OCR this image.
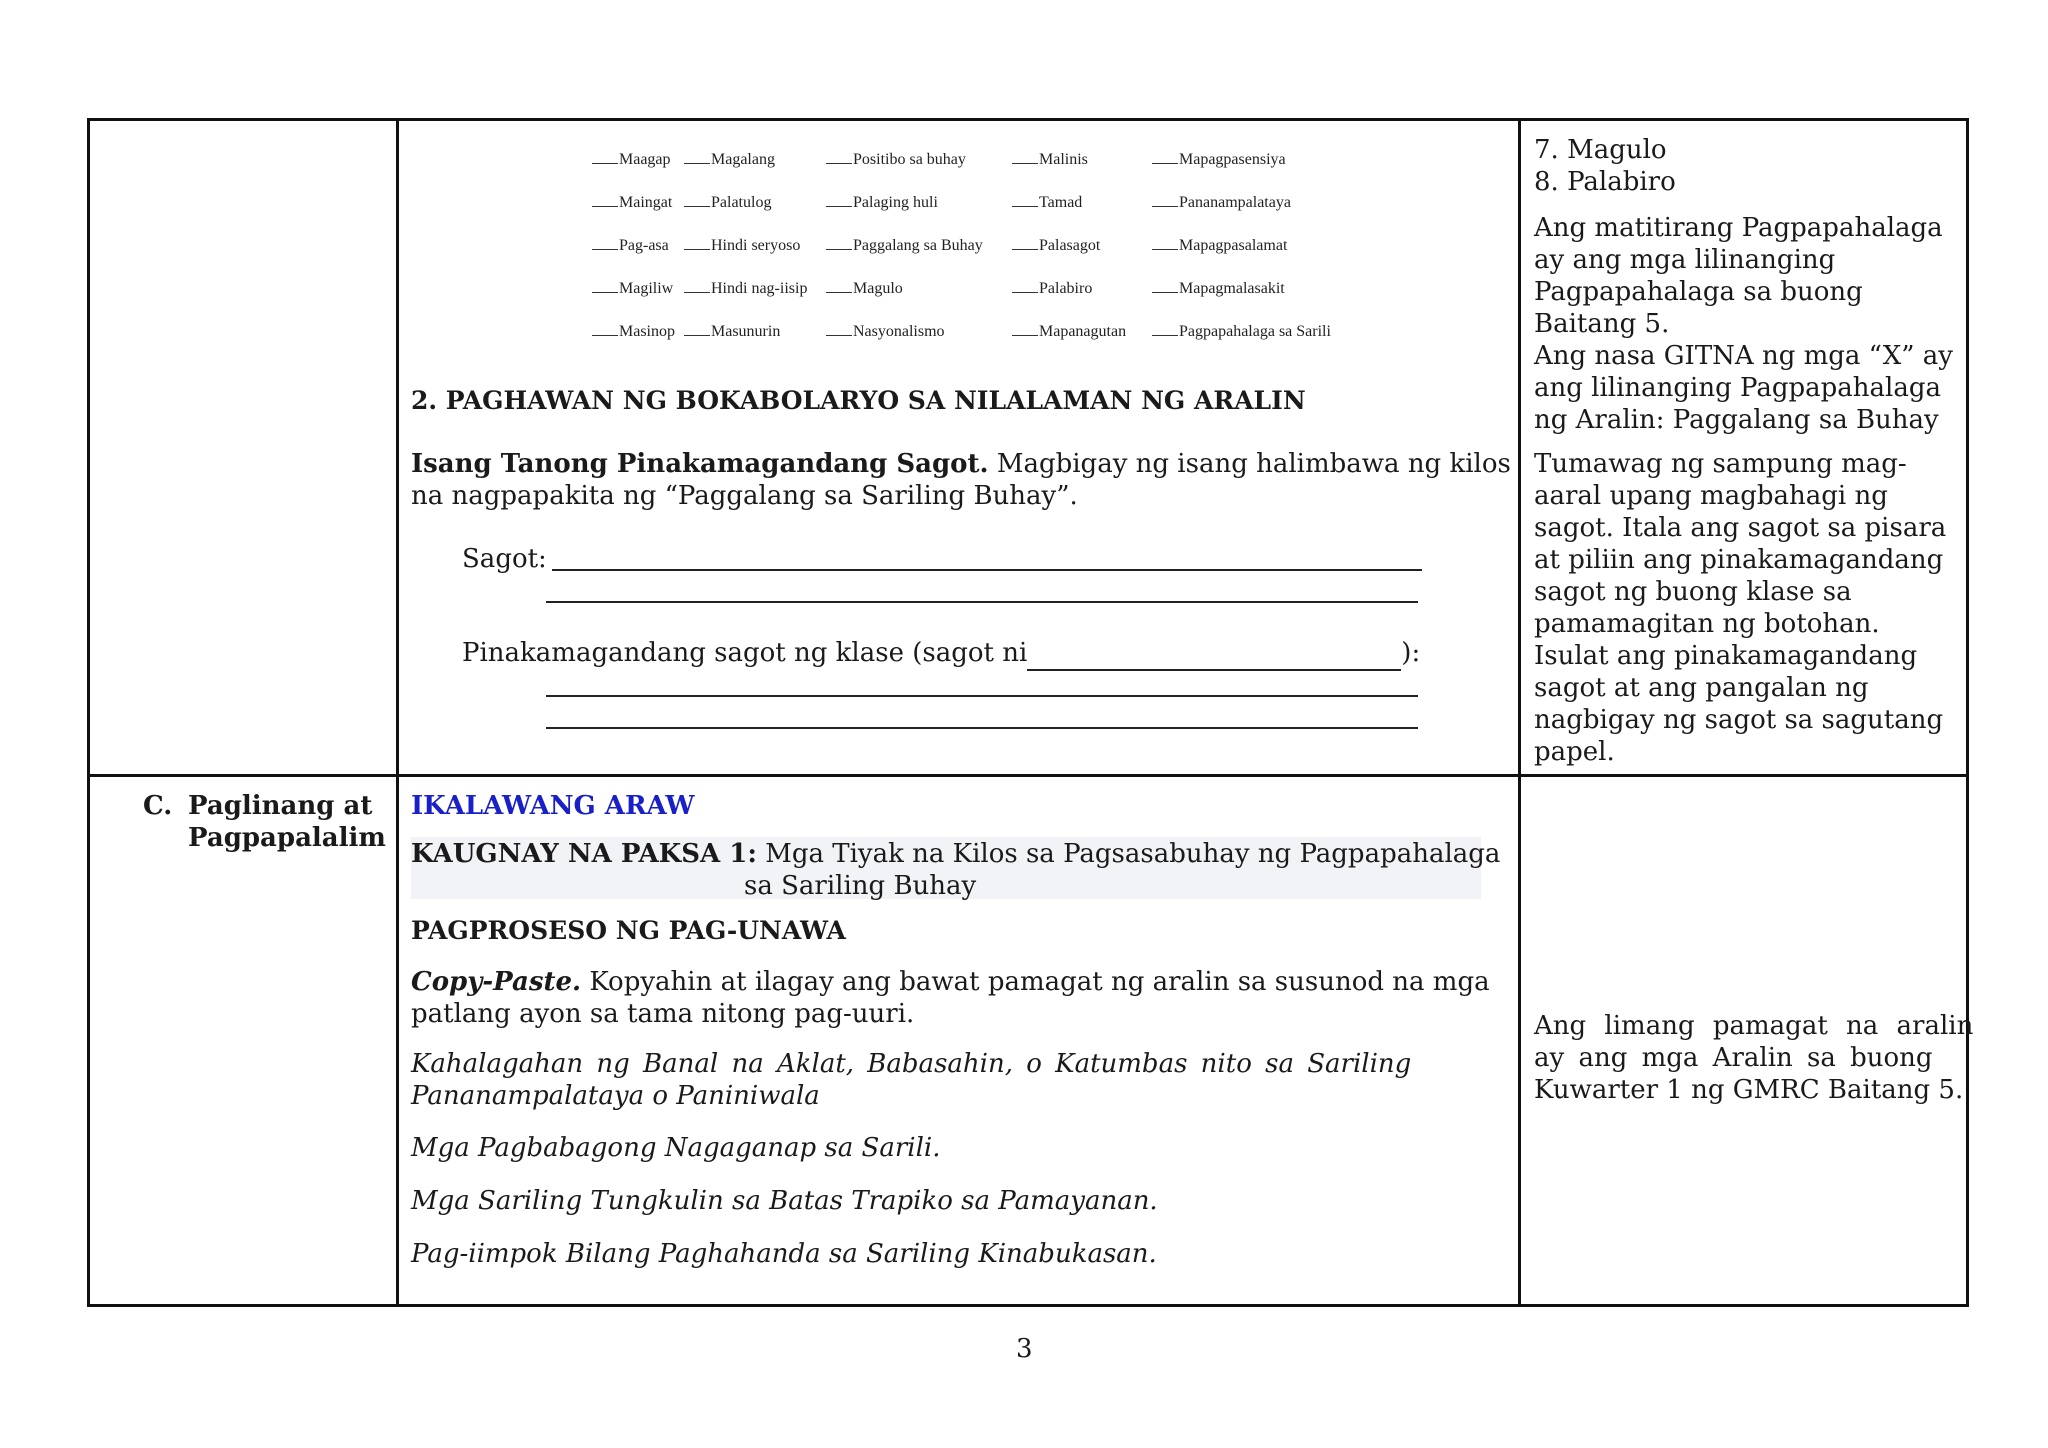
Maagap	Magalang	Positibo sa buhay	Malinis	Mapagpasensiya
Maingat	Palatulog	Palaging huli	Tamad	Pananampalataya
Pag-asa	Hindi seryoso	Paggalang sa Buhay	Palasagot	Mapagpasalamat
Magiliw	Hindi nag-iisip	Magulo	Palabiro	Mapagmalasakit
Masinop	Masunurin	Nasyonalismo	Mapanagutan	Pagpapahalaga sa Sarili
2. PAGHAWAN NG BOKABOLARYO SA NILALAMAN NG ARALIN
Isang Tanong Pinakamagandang Sagot. Magbigay ng isang halimbawa ng kilos
na nagpapakita ng “Paggalang sa Sariling Buhay”.
Sagot:
Pinakamagandang sagot ng klase (sagot ni	):
7. Magulo
8. Palabiro
Ang matitirang Pagpapahalaga
ay ang mga lilinanging
Pagpapahalaga sa buong
Baitang 5.
Ang nasa GITNA ng mga “X” ay
ang lilinanging Pagpapahalaga
ng Aralin: Paggalang sa Buhay
Tumawag ng sampung mag-
aaral upang magbahagi ng
sagot. Itala ang sagot sa pisara
at piliin ang pinakamagandang
sagot ng buong klase sa
pamamagitan ng botohan.
Isulat ang pinakamagandang
sagot at ang pangalan ng
nagbigay ng sagot sa sagutang
papel.
C. Paglinang at
Pagpapalalim
IKALAWANG ARAW
KAUGNAY NA PAKSA 1: Mga Tiyak na Kilos sa Pagsasabuhay ng Pagpapahalaga
sa Sariling Buhay
PAGPROSESO NG PAG-UNAWA
Copy-Paste. Kopyahin at ilagay ang bawat pamagat ng aralin sa susunod na mga
patlang ayon sa tama nitong pag-uuri.
Kahalagahan ng Banal na Aklat, Babasahin, o Katumbas nito sa Sariling
Pananampalataya o Paniniwala
Mga Pagbabagong Nagaganap sa Sarili.
Mga Sariling Tungkulin sa Batas Trapiko sa Pamayanan.
Pag-iimpok Bilang Paghahanda sa Sariling Kinabukasan.
Ang limang pamagat na aralin
ay ang mga Aralin sa buong
Kuwarter 1 ng GMRC Baitang 5.
3
